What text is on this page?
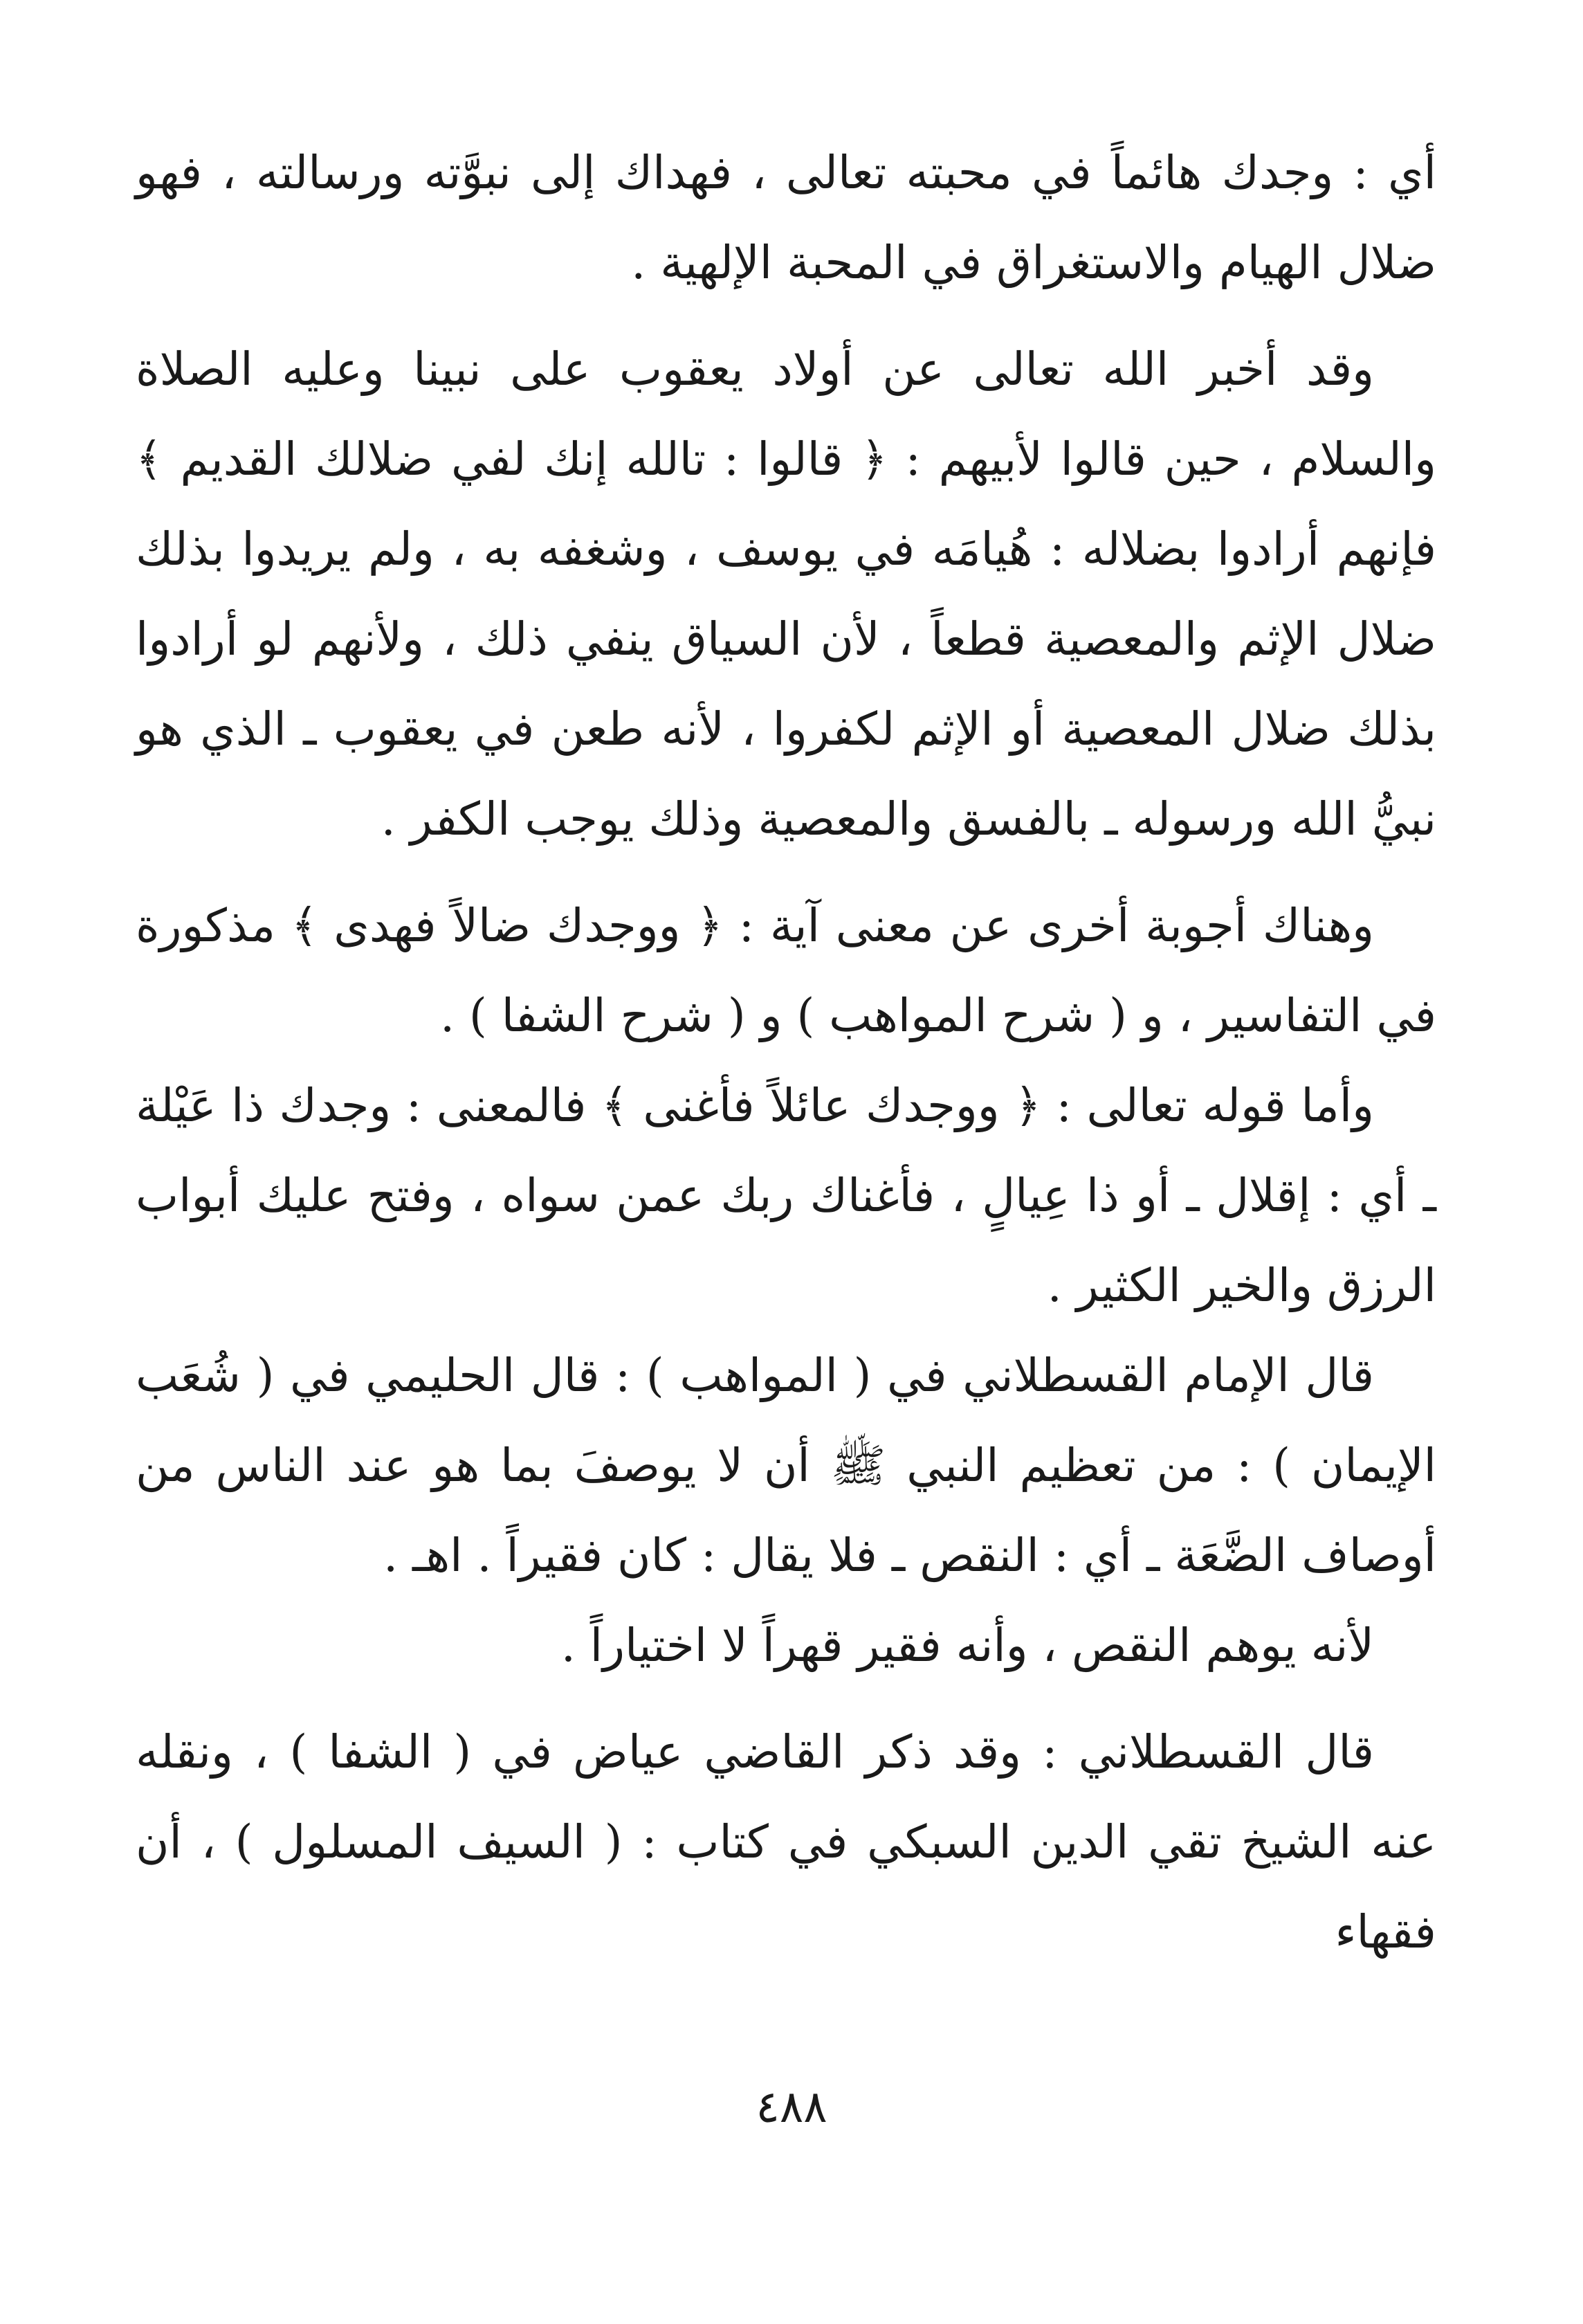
أي : وجدك هائماً في محبته تعالى ، فهداك إلى نبوَّته ورسالته ، فهو ضلال الهيام والاستغراق في المحبة الإلهية .

وقد أخبر الله تعالى عن أولاد يعقوب على نبينا وعليه الصلاة والسلام ، حين قالوا لأبيهم : ﴿ قالوا : تالله إنك لفي ضلالك القديم ﴾ فإنهم أرادوا بضلاله : هُيامَه في يوسف ، وشغفه به ، ولم يريدوا بذلك ضلال الإثم والمعصية قطعاً ، لأن السياق ينفي ذلك ، ولأنهم لو أرادوا بذلك ضلال المعصية أو الإثم لكفروا ، لأنه طعن في يعقوب ـ الذي هو نبيُّ الله ورسوله ـ بالفسق والمعصية وذلك يوجب الكفر .

وهناك أجوبة أخرى عن معنى آية : ﴿ ووجدك ضالاً فهدى ﴾ مذكورة في التفاسير ، و ( شرح المواهب ) و ( شرح الشفا ) .

وأما قوله تعالى : ﴿ ووجدك عائلاً فأغنى ﴾ فالمعنى : وجدك ذا عَيْلة ـ أي : إقلال ـ أو ذا عِيالٍ ، فأغناك ربك عمن سواه ، وفتح عليك أبواب الرزق والخير الكثير .

قال الإمام القسطلاني في ( المواهب ) : قال الحليمي في ( شُعَب الإيمان ) : من تعظيم النبي ﷺ أن لا يوصفَ بما هو عند الناس من أوصاف الضَّعَة ـ أي : النقص ـ فلا يقال : كان فقيراً . اهـ .

لأنه يوهم النقص ، وأنه فقير قهراً لا اختياراً .

قال القسطلاني : وقد ذكر القاضي عياض في ( الشفا ) ، ونقله عنه الشيخ تقي الدين السبكي في كتاب : ( السيف المسلول ) ، أن فقهاء

٤٨٨
